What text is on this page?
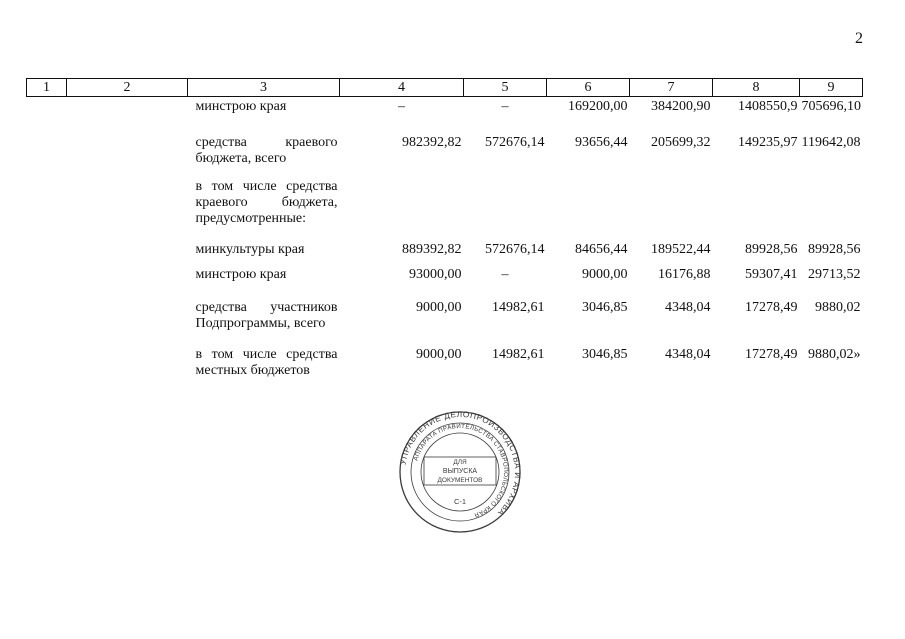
2
1	2	3	4	5	6	7	8	9
		минстрою края	–	–	169200,00	384200,90	1408550,9	705696,10
		средства краевого бюджета, всего	982392,82	572676,14	93656,44	205699,32	149235,97	119642,08
		в том числе средства краевого бюджета, предусмотренные:						
		минкультуры края	889392,82	572676,14	84656,44	189522,44	89928,56	89928,56
		минстрою края	93000,00	–	9000,00	16176,88	59307,41	29713,52
		средства участников Подпрограммы, всего	9000,00	14982,61	3046,85	4348,04	17278,49	9880,02
		в том числе средства местных бюджетов	9000,00	14982,61	3046,85	4348,04	17278,49	9880,02»
УПРАВЛЕНИЕ ДЕЛОПРОИЗВОДСТВА И АРХИВА
АППАРАТА ПРАВИТЕЛЬСТВА СТАВРОПОЛЬСКОГО КРАЯ
ДЛЯ
ВЫПУСКА
ДОКУМЕНТОВ
С-1
